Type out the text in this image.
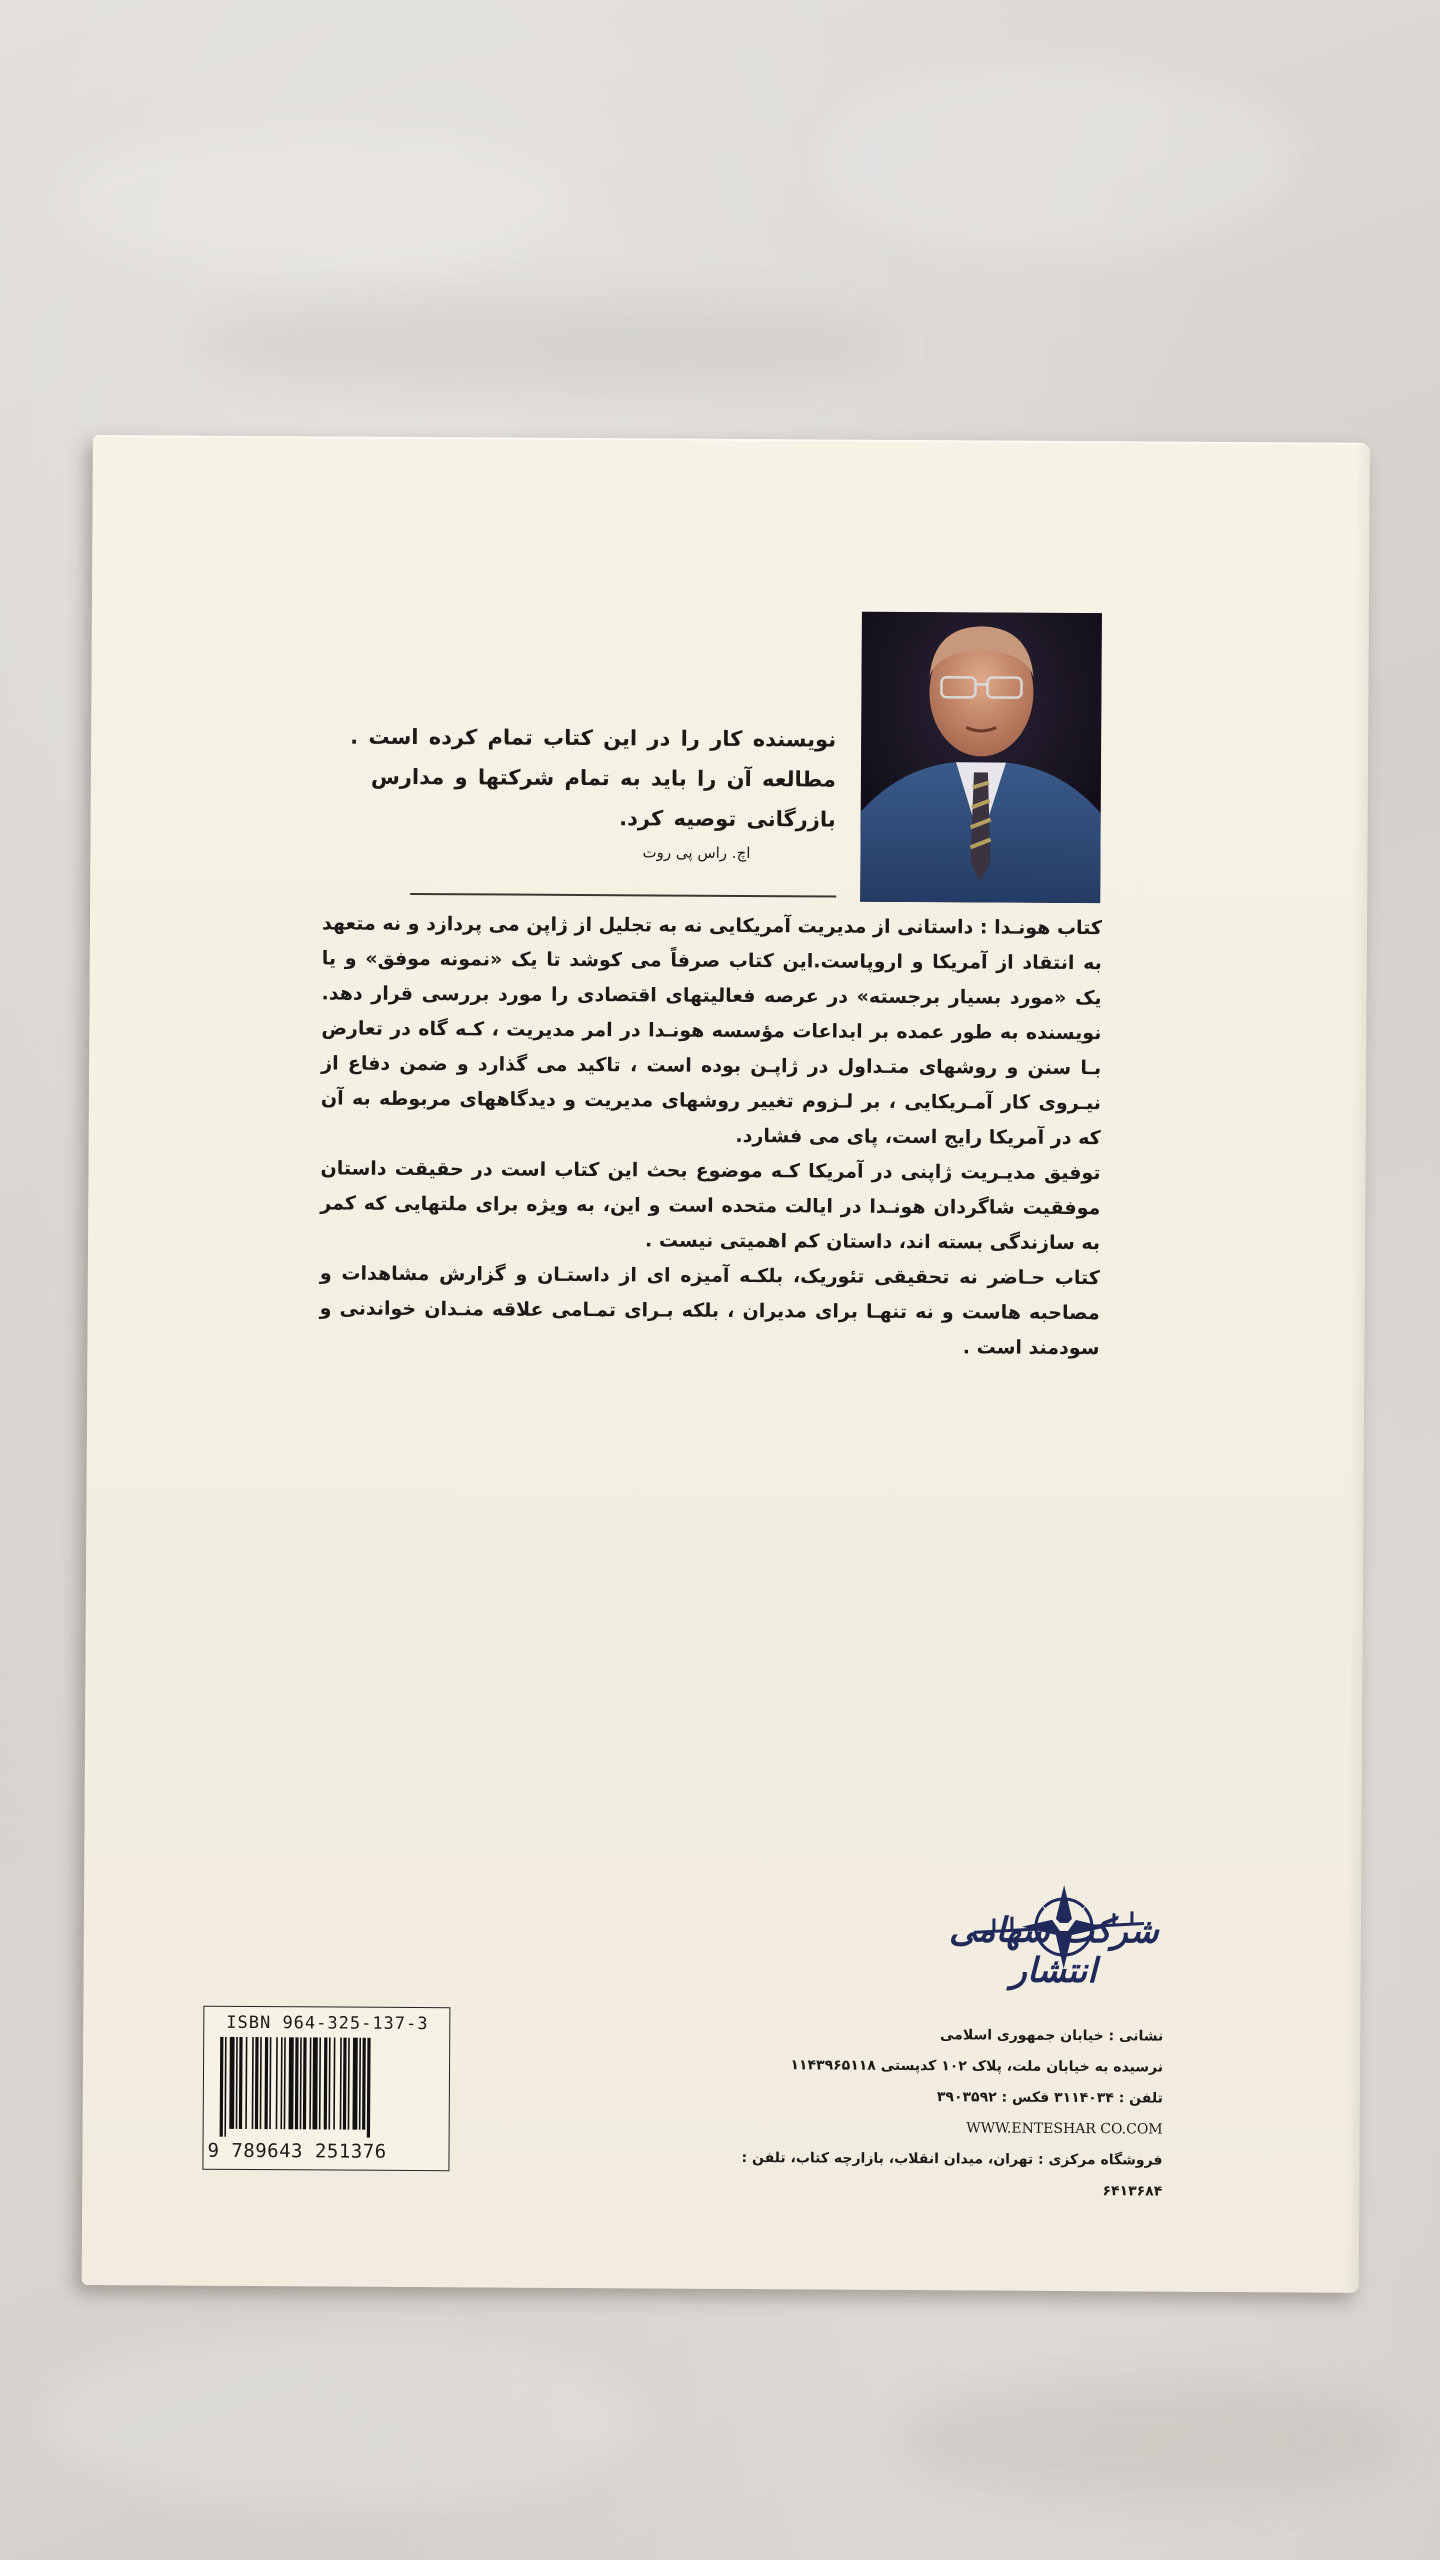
نویسنده کار را در این کتاب تمام کرده است .
مطالعه آن را باید به تمام شرکتها و مدارس
بازرگانی توصیه کرد.
اچ. راس پی روت

کتاب هونـدا : داستانی از مدیریت آمریکایی نه به تجلیل از ژاپن می پردازد و نه متعهد به انتقاد از آمریکا و اروپاست.این کتاب صرفاً می کوشد تا یک «نمونه موفق» و یا یک «مورد بسیار برجسته» در عرصه فعالیتهای اقتصادی را مورد بررسی قرار دهد. نویسنده به طور عمده بر ابداعات مؤسسه هونـدا در امر مدیریت ، کـه گاه در تعارض بـا سنن و روشهای متـداول در ژاپـن بوده است ، تاکید می گذارد و ضمن دفاع از نیـروی کار آمـریکایی ، بر لـزوم تغییر روشهای مدیریت و دیدگاههای مربوطه به آن که در آمریکا رایج است، پای می فشارد.

توفیق مدیـریت ژاپنی در آمریکا کـه موضوع بحث این کتاب است در حقیقت داستان موفقیت شاگردان هونـدا در ایالت متحده است و این، به ویژه برای ملتهایی که کمر به سازندگی بسته اند، داستان کم اهمیتی نیست .

کتاب حـاضر نه تحقیقی تئوریک، بلکـه آمیزه ای از داستـان و گزارش مشاهدات و مصاحبه هاست و نه تنهـا برای مدیران ، بلکه بـرای تمـامی علاقه منـدان خواندنی و سودمند است .

شرکت سهامی انتشار
نشانی : خیابان جمهوری اسلامی
نرسیده به خیابان ملت، پلاک ۱۰۲ کدپستی ۱۱۴۳۹۶۵۱۱۸
تلفن : ۳۱۱۴۰۳۴ فکس : ۳۹۰۳۵۹۲
WWW.ENTESHAR CO.COM
فروشگاه مرکزی : تهران، میدان انقلاب، بازارچه کتاب، تلفن : ۶۴۱۳۶۸۴
ISBN 964-325-137-3
9 789643 251376
